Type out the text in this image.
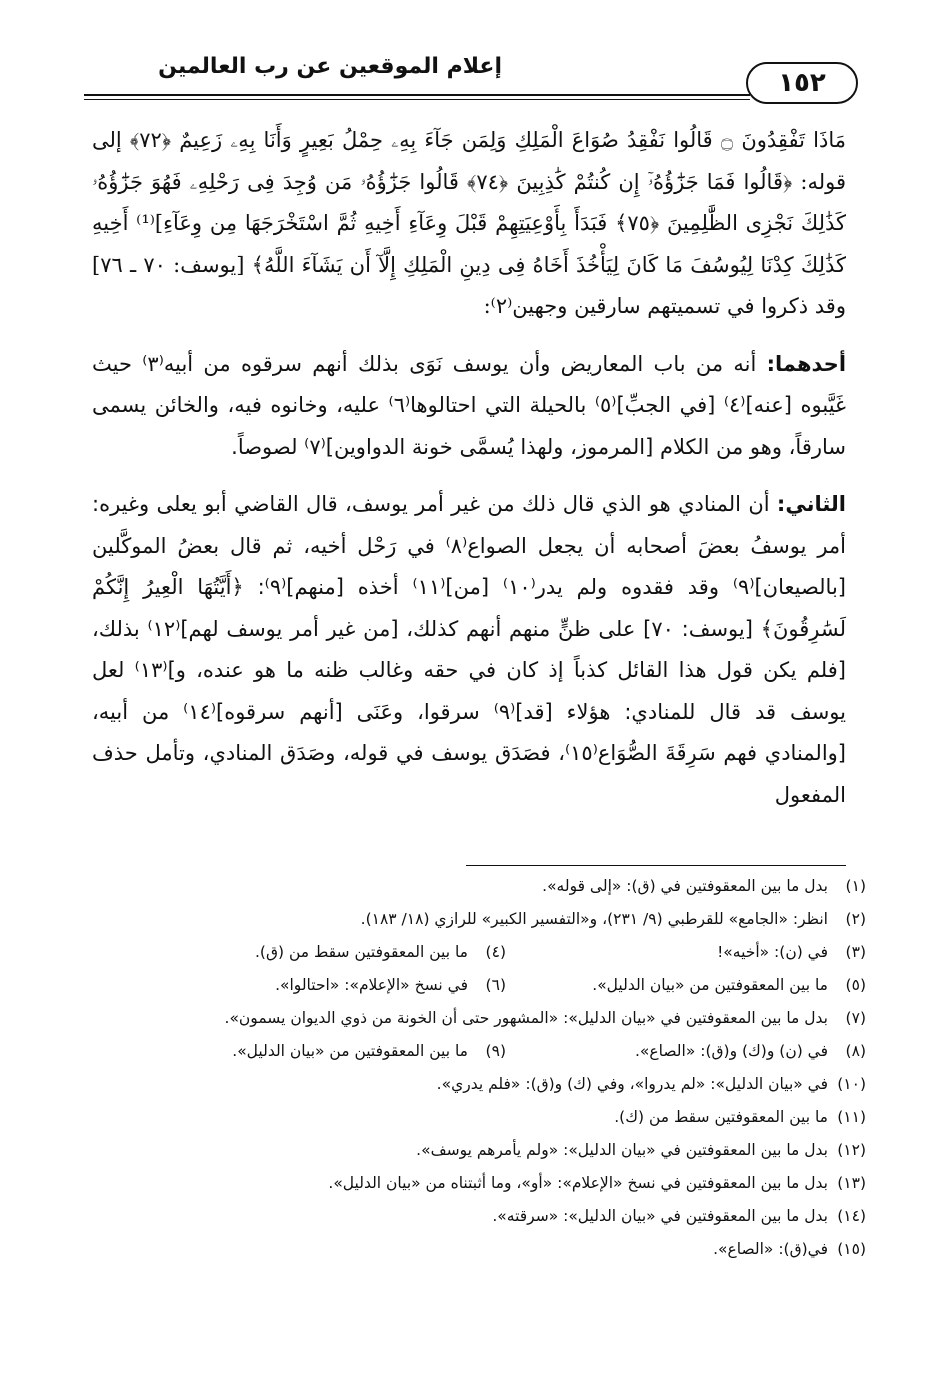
إعلام الموقعين عن رب العالمين
١٥٢

مَاذَا تَفْقِدُونَ ۝ قَالُوا نَفْقِدُ صُوَاعَ الْمَلِكِ وَلِمَن جَآءَ بِهِۦ حِمْلُ بَعِيرٍ وَأَنَا بِهِۦ زَعِيمٌ ﴿٧٢﴾ إلى قوله: ﴿قَالُوا فَمَا جَزَٰٓؤُهُۥٓ إِن كُنتُمْ كَٰذِبِينَ ﴿٧٤﴾ قَالُوا جَزَٰٓؤُهُۥ مَن وُجِدَ فِى رَحْلِهِۦ فَهُوَ جَزَٰٓؤُهُۥ كَذَٰلِكَ نَجْزِى الظَّٰلِمِينَ ﴿٧٥﴾ فَبَدَأَ بِأَوْعِيَتِهِمْ قَبْلَ وِعَآءِ أَخِيهِ ثُمَّ اسْتَخْرَجَهَا مِن وِعَآءِ]⁽¹⁾ أَخِيهِ كَذَٰلِكَ كِدْنَا لِيُوسُفَ مَا كَانَ لِيَأْخُذَ أَخَاهُ فِى دِينِ الْمَلِكِ إِلَّآ أَن يَشَآءَ اللَّهُ﴾ [يوسف: ٧٠ ـ ٧٦] وقد ذكروا في تسميتهم سارقين وجهين⁽٢⁾:

أحدهما: أنه من باب المعاريض وأن يوسف نَوَى بذلك أنهم سرقوه من أبيه⁽٣⁾ حيث غَيَّبوه [عنه]⁽٤⁾ [في الجبِّ]⁽٥⁾ بالحيلة التي احتالوها⁽٦⁾ عليه، وخانوه فيه، والخائن يسمى سارقاً، وهو من الكلام [المرموز، ولهذا يُسمَّى خونة الدواوين]⁽٧⁾ لصوصاً.

الثاني: أن المنادي هو الذي قال ذلك من غير أمر يوسف، قال القاضي أبو يعلى وغيره: أمر يوسفُ بعضَ أصحابه أن يجعل الصواع⁽٨⁾ في رَحْل أخيه، ثم قال بعضُ الموكَّلين [بالصيعان]⁽٩⁾ وقد فقدوه ولم يدر⁽١٠⁾ [من]⁽١١⁾ أخذه [منهم]⁽٩⁾: ﴿أَيَّتُهَا الْعِيرُ إِنَّكُمْ لَسَٰرِقُونَ﴾ [يوسف: ٧٠] على ظنٍّ منهم أنهم كذلك، [من غير أمر يوسف لهم]⁽١٢⁾ بذلك، [فلم يكن قول هذا القائل كذباً إذ كان في حقه وغالب ظنه ما هو عنده، و]⁽١٣⁾ لعل يوسف قد قال للمنادي: هؤلاء [قد]⁽٩⁾ سرقوا، وعَنَى [أنهم سرقوه]⁽١٤⁾ من أبيه، [والمنادي فهم سَرِقَةَ الصُّوَاع⁽١٥⁾، فصَدَق يوسف في قوله، وصَدَق المنادي، وتأمل حذف المفعول

(١)
بدل ما بين المعقوفتين في (ق): «إلى قوله».
(٢)
انظر: «الجامع» للقرطبي (٩/ ٢٣١)، و«التفسير الكبير» للرازي (١٨/ ١٨٣).
(٣)
في (ن): «أخيه»!
(٤)
ما بين المعقوفتين سقط من (ق).
(٥)
ما بين المعقوفتين من «بيان الدليل».
(٦)
في نسخ «الإعلام»: «احتالوا».
(٧)
بدل ما بين المعقوفتين في «بيان الدليل»: «المشهور حتى أن الخونة من ذوي الديوان يسمون».
(٨)
في (ن) و(ك) و(ق): «الصاع».
(٩)
ما بين المعقوفتين من «بيان الدليل».
(١٠)
في «بيان الدليل»: «لم يدروا»، وفي (ك) و(ق): «فلم يدري».
(١١)
ما بين المعقوفتين سقط من (ك).
(١٢)
بدل ما بين المعقوفتين في «بيان الدليل»: «ولم يأمرهم يوسف».
(١٣)
بدل ما بين المعقوفتين في نسخ «الإعلام»: «أو»، وما أثبتناه من «بيان الدليل».
(١٤)
بدل ما بين المعقوفتين في «بيان الدليل»: «سرقته».
(١٥)
في(ق): «الصاع».
